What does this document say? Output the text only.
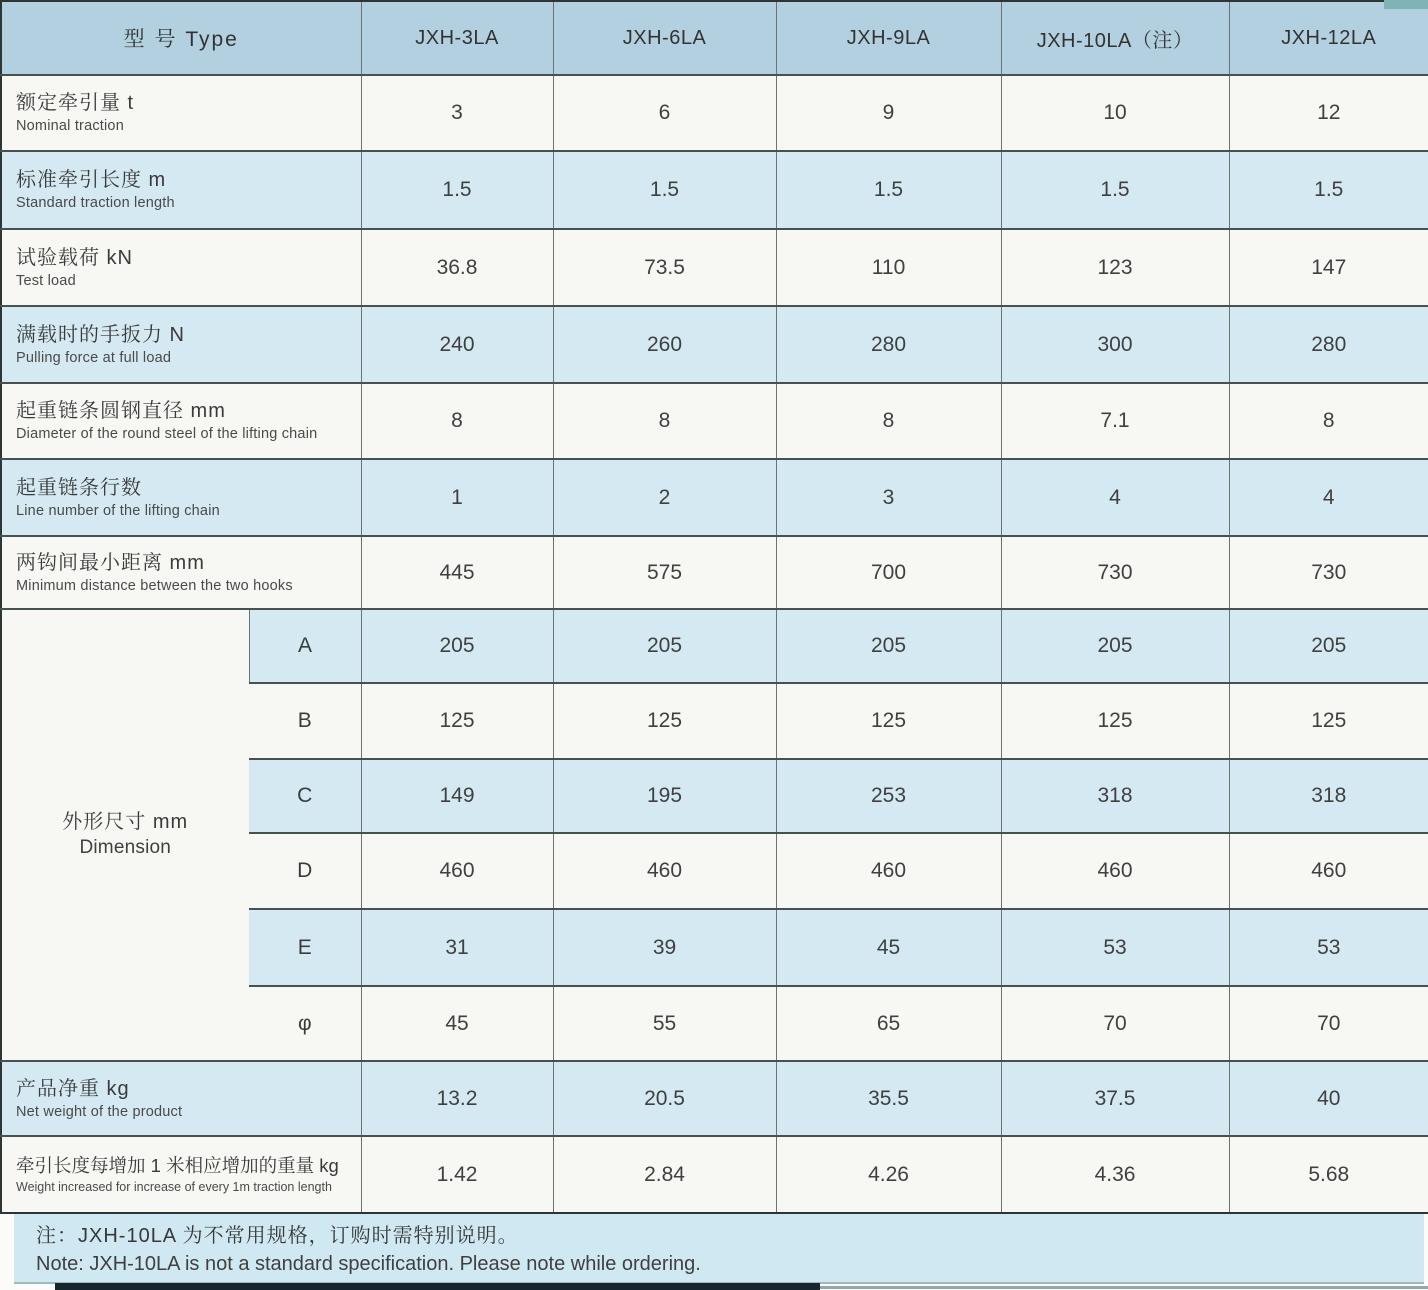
型 号 Type		JXH-3LA	JXH-6LA	JXH-9LA	JXH-10LA（注）	JXH-12LA

额定牵引量 t
Nominal traction		3	6	9	10	12

标准牵引长度 m
Standard traction length		1.5	1.5	1.5	1.5	1.5

试验载荷 kN
Test load		36.8	73.5	110	123	147

满载时的手扳力 N
Pulling force at full load		240	260	280	300	280

起重链条圆钢直径 mm
Diameter of the round steel of the lifting chain		8	8	8	7.1	8

起重链条行数
Line number of the lifting chain		1	2	3	4	4

两钩间最小距离 mm
Minimum distance between the two hooks		445	575	700	730	730

外形尺寸 mm
Dimension	A	205	205	205	205	205
	B	125	125	125	125	125
	C	149	195	253	318	318
	D	460	460	460	460	460
	E	31	39	45	53	53
	φ	45	55	65	70	70

产品净重 kg
Net weight of the product		13.2	20.5	35.5	37.5	40

牵引长度每增加 1 米相应增加的重量 kg
Weight increased for increase of every 1m traction length		1.42	2.84	4.26	4.36	5.68
注：JXH-10LA 为不常用规格，订购时需特别说明。
Note: JXH-10LA is not a standard specification. Please note while ordering.
